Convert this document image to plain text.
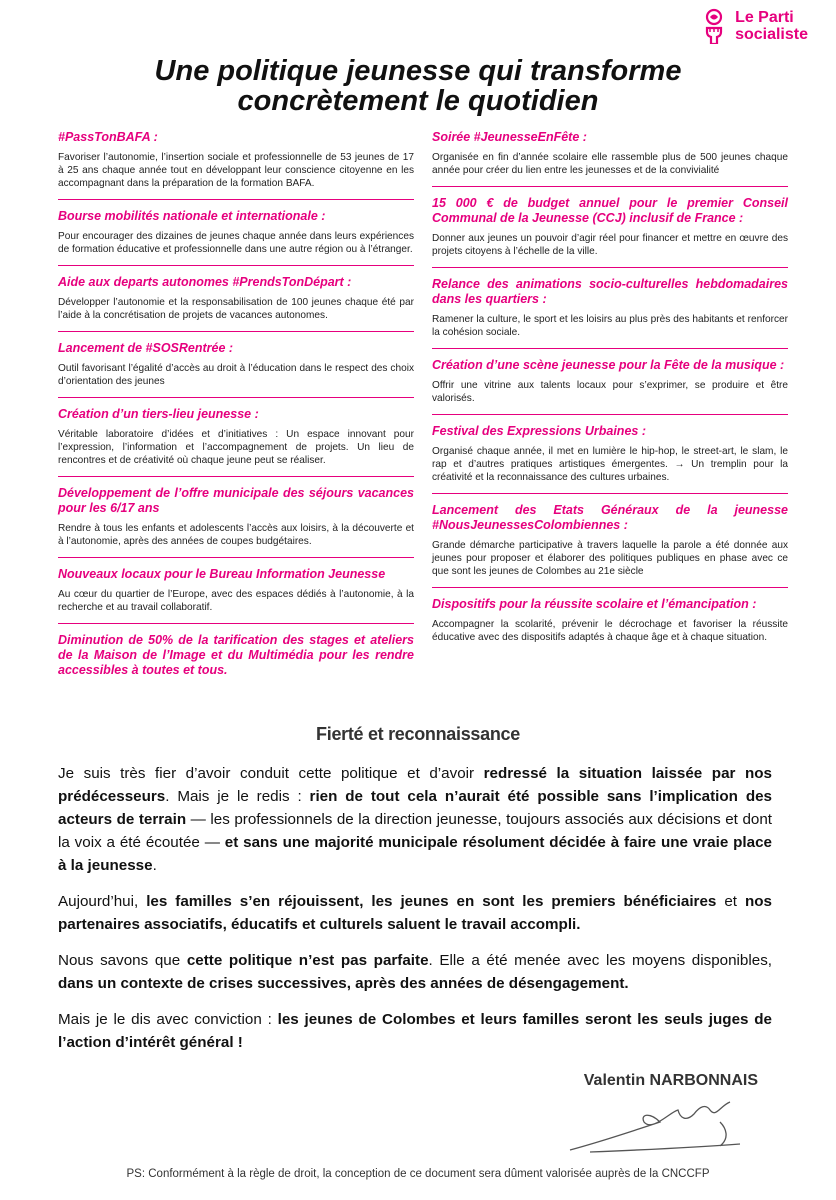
Le Parti
socialiste
Une politique jeunesse qui transforme
concrètement le quotidien
#PassTonBAFA :

Favoriser l’autonomie, l’insertion sociale et professionnelle de 53 jeunes de 17 à 25 ans chaque année tout en développant leur conscience citoyenne en les accompagnant dans la préparation de la formation BAFA.

Bourse mobilités nationale et internationale :

Pour encourager des dizaines de jeunes chaque année dans leurs expériences de formation éducative et professionnelle dans une autre région ou à l’étranger.

Aide aux departs autonomes #PrendsTonDépart :

Développer l’autonomie et la responsabilisation de 100 jeunes chaque été par l’aide à la concrétisation de projets de vacances autonomes.

Lancement de #SOSRentrée :

Outil favorisant l’égalité d’accès au droit à l’éducation dans le respect des choix d’orientation des jeunes

Création d’un tiers-lieu jeunesse :

Véritable laboratoire d’idées et d’initiatives : Un espace innovant pour l’expression, l’information et l’accompagnement de projets. Un lieu de rencontres et de créativité où chaque jeune peut se réaliser.

Développement de l’offre municipale des séjours vacances pour les 6/17 ans

Rendre à tous les enfants et adolescents l’accès aux loisirs, à la découverte et à l’autonomie, après des années de coupes budgétaires.

Nouveaux locaux pour le Bureau Information Jeunesse

Au cœur du quartier de l’Europe, avec des espaces dédiés à l’autonomie, à la recherche et au travail collaboratif.

Diminution de 50% de la tarification des stages et ateliers de la Maison de l’Image et du Multimédia pour les rendre accessibles à toutes et tous.
Soirée #JeunesseEnFête :

Organisée en fin d’année scolaire elle rassemble plus de 500 jeunes chaque année pour créer du lien entre les jeunesses et de la convivialité

15 000 € de budget annuel pour le premier Conseil Communal de la Jeunesse (CCJ) inclusif de France :

Donner aux jeunes un pouvoir d’agir réel pour financer et mettre en œuvre des projets citoyens à l’échelle de la ville.

Relance des animations socio-culturelles hebdomadaires dans les quartiers :

Ramener la culture, le sport et les loisirs au plus près des habitants et renforcer la cohésion sociale.

Création d’une scène jeunesse pour la Fête de la musique :

Offrir une vitrine aux talents locaux pour s’exprimer, se produire et être valorisés.

Festival des Expressions Urbaines :

Organisé chaque année, il met en lumière le hip-hop, le street-art, le slam, le rap et d’autres pratiques artistiques émergentes. → Un tremplin pour la créativité et la reconnaissance des cultures urbaines.

Lancement des Etats Généraux de la jeunesse #NousJeunessesColombiennes :

Grande démarche participative à travers laquelle la parole a été donnée aux jeunes pour proposer et élaborer des politiques publiques en phase avec ce que sont les jeunes de Colombes au 21e siècle

Dispositifs pour la réussite scolaire et l’émancipation :

Accompagner la scolarité, prévenir le décrochage et favoriser la réussite éducative avec des dispositifs adaptés à chaque âge et à chaque situation.

Fierté et reconnaissance

Je suis très fier d’avoir conduit cette politique et d’avoir redressé la situation laissée par nos prédécesseurs. Mais je le redis : rien de tout cela n’aurait été possible sans l’implication des acteurs de terrain — les professionnels de la direction jeunesse, toujours associés aux décisions et dont la voix a été écoutée — et sans une majorité municipale résolument décidée à faire une vraie place à la jeunesse.

Aujourd’hui, les familles s’en réjouissent, les jeunes en sont les premiers bénéficiaires et nos partenaires associatifs, éducatifs et culturels saluent le travail accompli.

Nous savons que cette politique n’est pas parfaite. Elle a été menée avec les moyens disponibles, dans un contexte de crises successives, après des années de désengagement.

Mais je le dis avec conviction : les jeunes de Colombes et leurs familles seront les seuls juges de l’action d’intérêt général !

Valentin NARBONNAIS

PS: Conformément à la règle de droit, la conception de ce document sera dûment valorisée auprès de la CNCCFP
